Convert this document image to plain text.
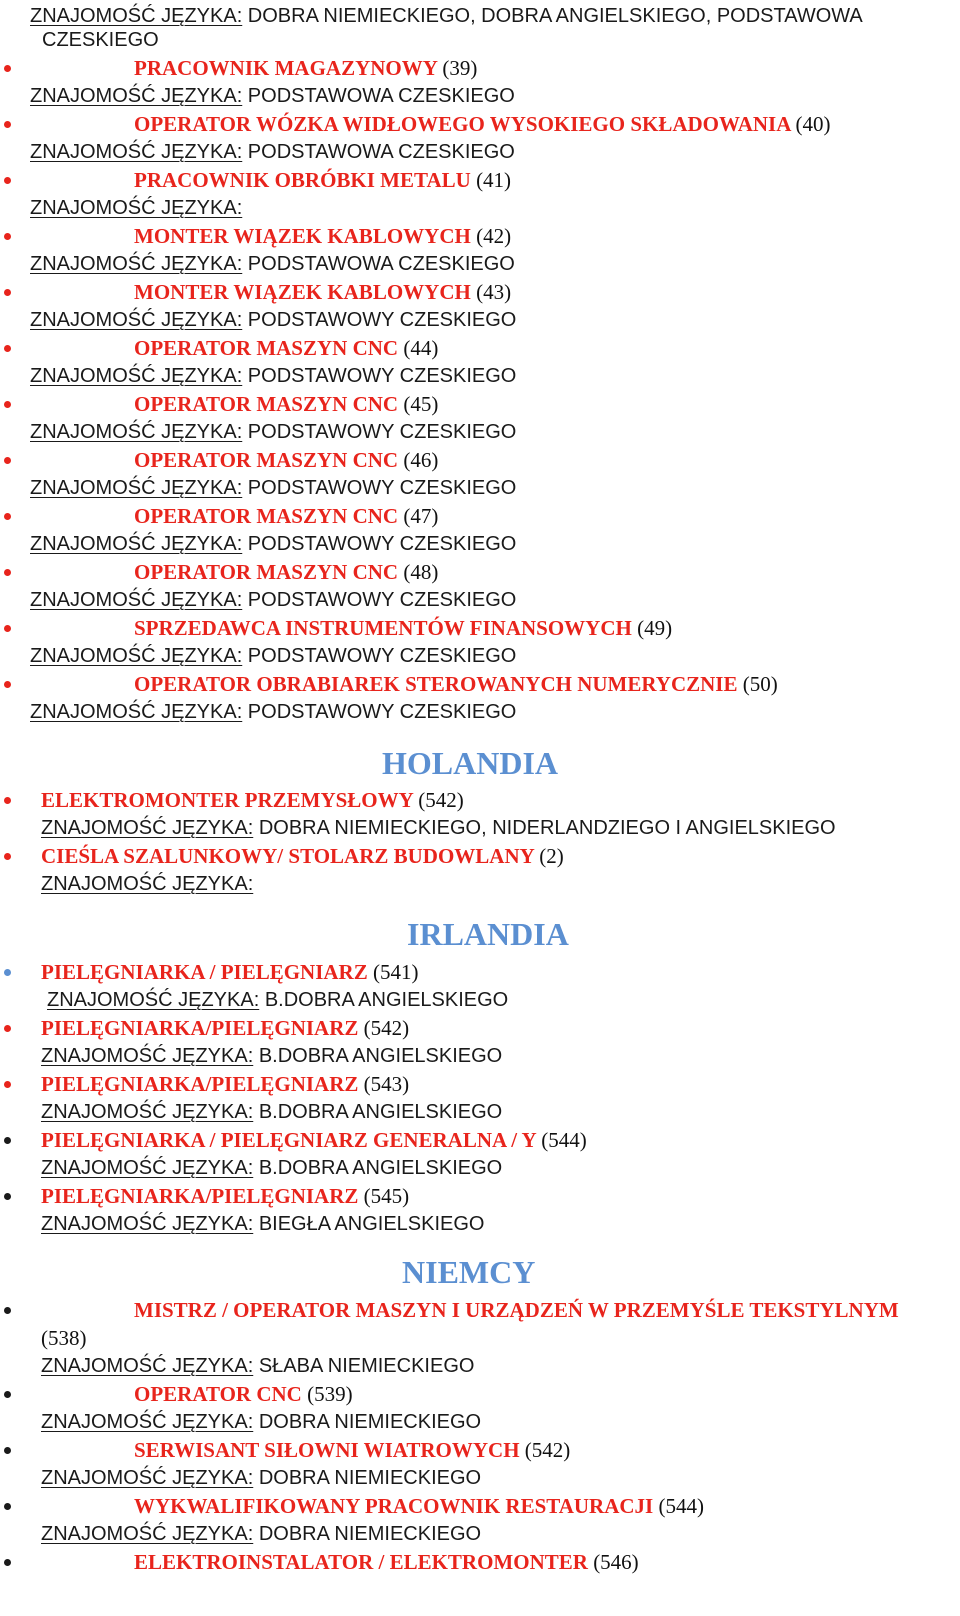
ZNAJOMOŚĆ JĘZYKA: DOBRA NIEMIECKIEGO, DOBRA ANGIELSKIEGO, PODSTAWOWA
CZESKIEGO
PRACOWNIK MAGAZYNOWY (39)
ZNAJOMOŚĆ JĘZYKA: PODSTAWOWA CZESKIEGO
OPERATOR WÓZKA WIDŁOWEGO WYSOKIEGO SKŁADOWANIA (40)
ZNAJOMOŚĆ JĘZYKA: PODSTAWOWA CZESKIEGO
PRACOWNIK OBRÓBKI METALU (41)
ZNAJOMOŚĆ JĘZYKA:
MONTER WIĄZEK KABLOWYCH (42)
ZNAJOMOŚĆ JĘZYKA: PODSTAWOWA CZESKIEGO
MONTER WIĄZEK KABLOWYCH (43)
ZNAJOMOŚĆ JĘZYKA: PODSTAWOWY CZESKIEGO
OPERATOR MASZYN CNC (44)
ZNAJOMOŚĆ JĘZYKA: PODSTAWOWY CZESKIEGO
OPERATOR MASZYN CNC (45)
ZNAJOMOŚĆ JĘZYKA: PODSTAWOWY CZESKIEGO
OPERATOR MASZYN CNC (46)
ZNAJOMOŚĆ JĘZYKA: PODSTAWOWY CZESKIEGO
OPERATOR MASZYN CNC (47)
ZNAJOMOŚĆ JĘZYKA: PODSTAWOWY CZESKIEGO
OPERATOR MASZYN CNC (48)
ZNAJOMOŚĆ JĘZYKA: PODSTAWOWY CZESKIEGO
SPRZEDAWCA INSTRUMENTÓW FINANSOWYCH (49)
ZNAJOMOŚĆ JĘZYKA: PODSTAWOWY CZESKIEGO
OPERATOR OBRABIAREK STEROWANYCH NUMERYCZNIE (50)
ZNAJOMOŚĆ JĘZYKA: PODSTAWOWY CZESKIEGO
HOLANDIA
ELEKTROMONTER PRZEMYSŁOWY (542)
ZNAJOMOŚĆ JĘZYKA: DOBRA NIEMIECKIEGO, NIDERLANDZIEGO I ANGIELSKIEGO
CIEŚLA SZALUNKOWY/ STOLARZ BUDOWLANY (2)
ZNAJOMOŚĆ JĘZYKA:
IRLANDIA
PIELĘGNIARKA / PIELĘGNIARZ (541)
ZNAJOMOŚĆ JĘZYKA: B.DOBRA ANGIELSKIEGO
PIELĘGNIARKA/PIELĘGNIARZ (542)
ZNAJOMOŚĆ JĘZYKA: B.DOBRA ANGIELSKIEGO
PIELĘGNIARKA/PIELĘGNIARZ (543)
ZNAJOMOŚĆ JĘZYKA: B.DOBRA ANGIELSKIEGO
PIELĘGNIARKA / PIELĘGNIARZ GENERALNA / Y (544)
ZNAJOMOŚĆ JĘZYKA: B.DOBRA ANGIELSKIEGO
PIELĘGNIARKA/PIELĘGNIARZ (545)
ZNAJOMOŚĆ JĘZYKA: BIEGŁA ANGIELSKIEGO
NIEMCY
MISTRZ / OPERATOR MASZYN I URZĄDZEŃ W PRZEMYŚLE TEKSTYLNYM
(538)
ZNAJOMOŚĆ JĘZYKA: SŁABA NIEMIECKIEGO
OPERATOR CNC (539)
ZNAJOMOŚĆ JĘZYKA: DOBRA NIEMIECKIEGO
SERWISANT SIŁOWNI WIATROWYCH (542)
ZNAJOMOŚĆ JĘZYKA: DOBRA NIEMIECKIEGO
WYKWALIFIKOWANY PRACOWNIK RESTAURACJI (544)
ZNAJOMOŚĆ JĘZYKA: DOBRA NIEMIECKIEGO
ELEKTROINSTALATOR / ELEKTROMONTER (546)
